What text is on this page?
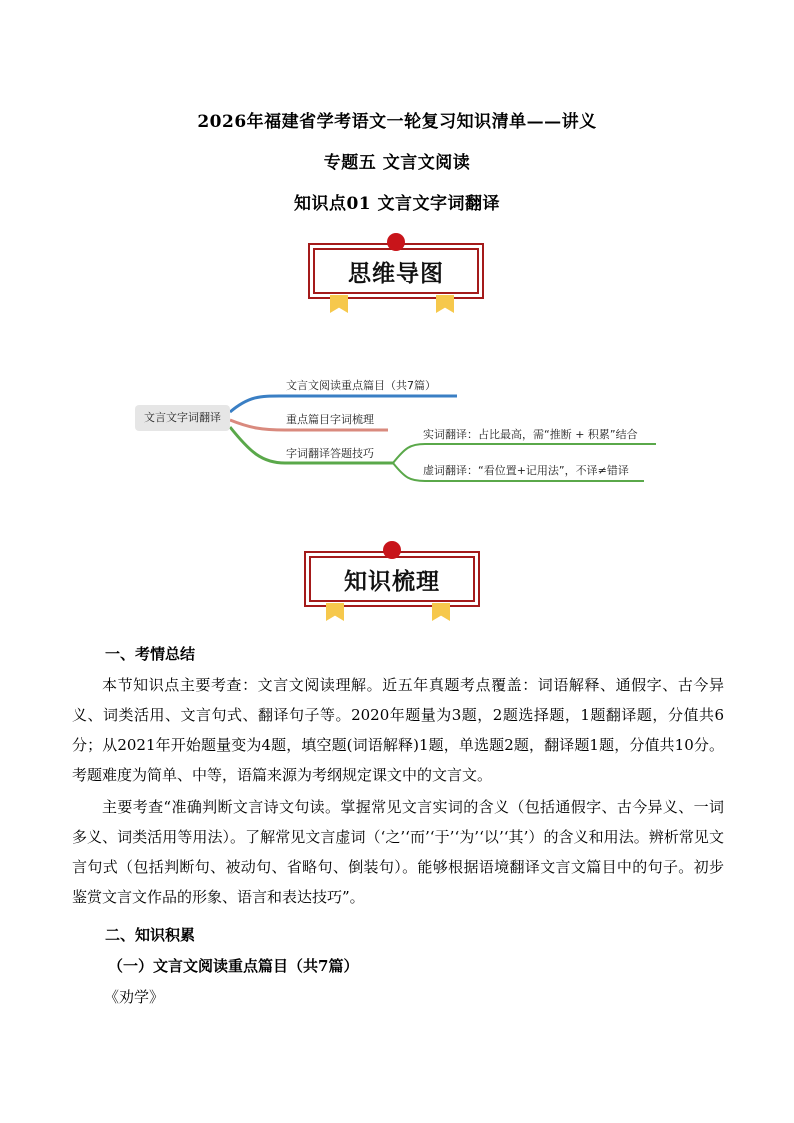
2026年福建省学考语文一轮复习知识清单——讲义
专题五 文言文阅读
知识点01 文言文字词翻译
思维导图
文言文字词翻译
文言文阅读重点篇目（共7篇）
重点篇目字词梳理
字词翻译答题技巧
实词翻译：占比最高，需“推断 + 积累”结合
虚词翻译：“看位置+记用法”，不译≠错译
知识梳理
一、考情总结
本节知识点主要考查：文言文阅读理解。近五年真题考点覆盖：词语解释、通假字、古今异义、词类活用、文言句式、翻译句子等。2020年题量为3题，2题选择题，1题翻译题，分值共6分；从2021年开始题量变为4题，填空题(词语解释)1题，单选题2题，翻译题1题，分值共10分。考题难度为简单、中等，语篇来源为考纲规定课文中的文言文。
主要考查“准确判断文言诗文句读。掌握常见文言实词的含义（包括通假字、古今异义、一词多义、词类活用等用法）。了解常见文言虚词（‘之’‘而’‘于’‘为’‘以’‘其’）的含义和用法。辨析常见文言句式（包括判断句、被动句、省略句、倒装句）。能够根据语境翻译文言文篇目中的句子。初步鉴赏文言文作品的形象、语言和表达技巧”。
二、知识积累
（一）文言文阅读重点篇目（共7篇）
《劝学》
